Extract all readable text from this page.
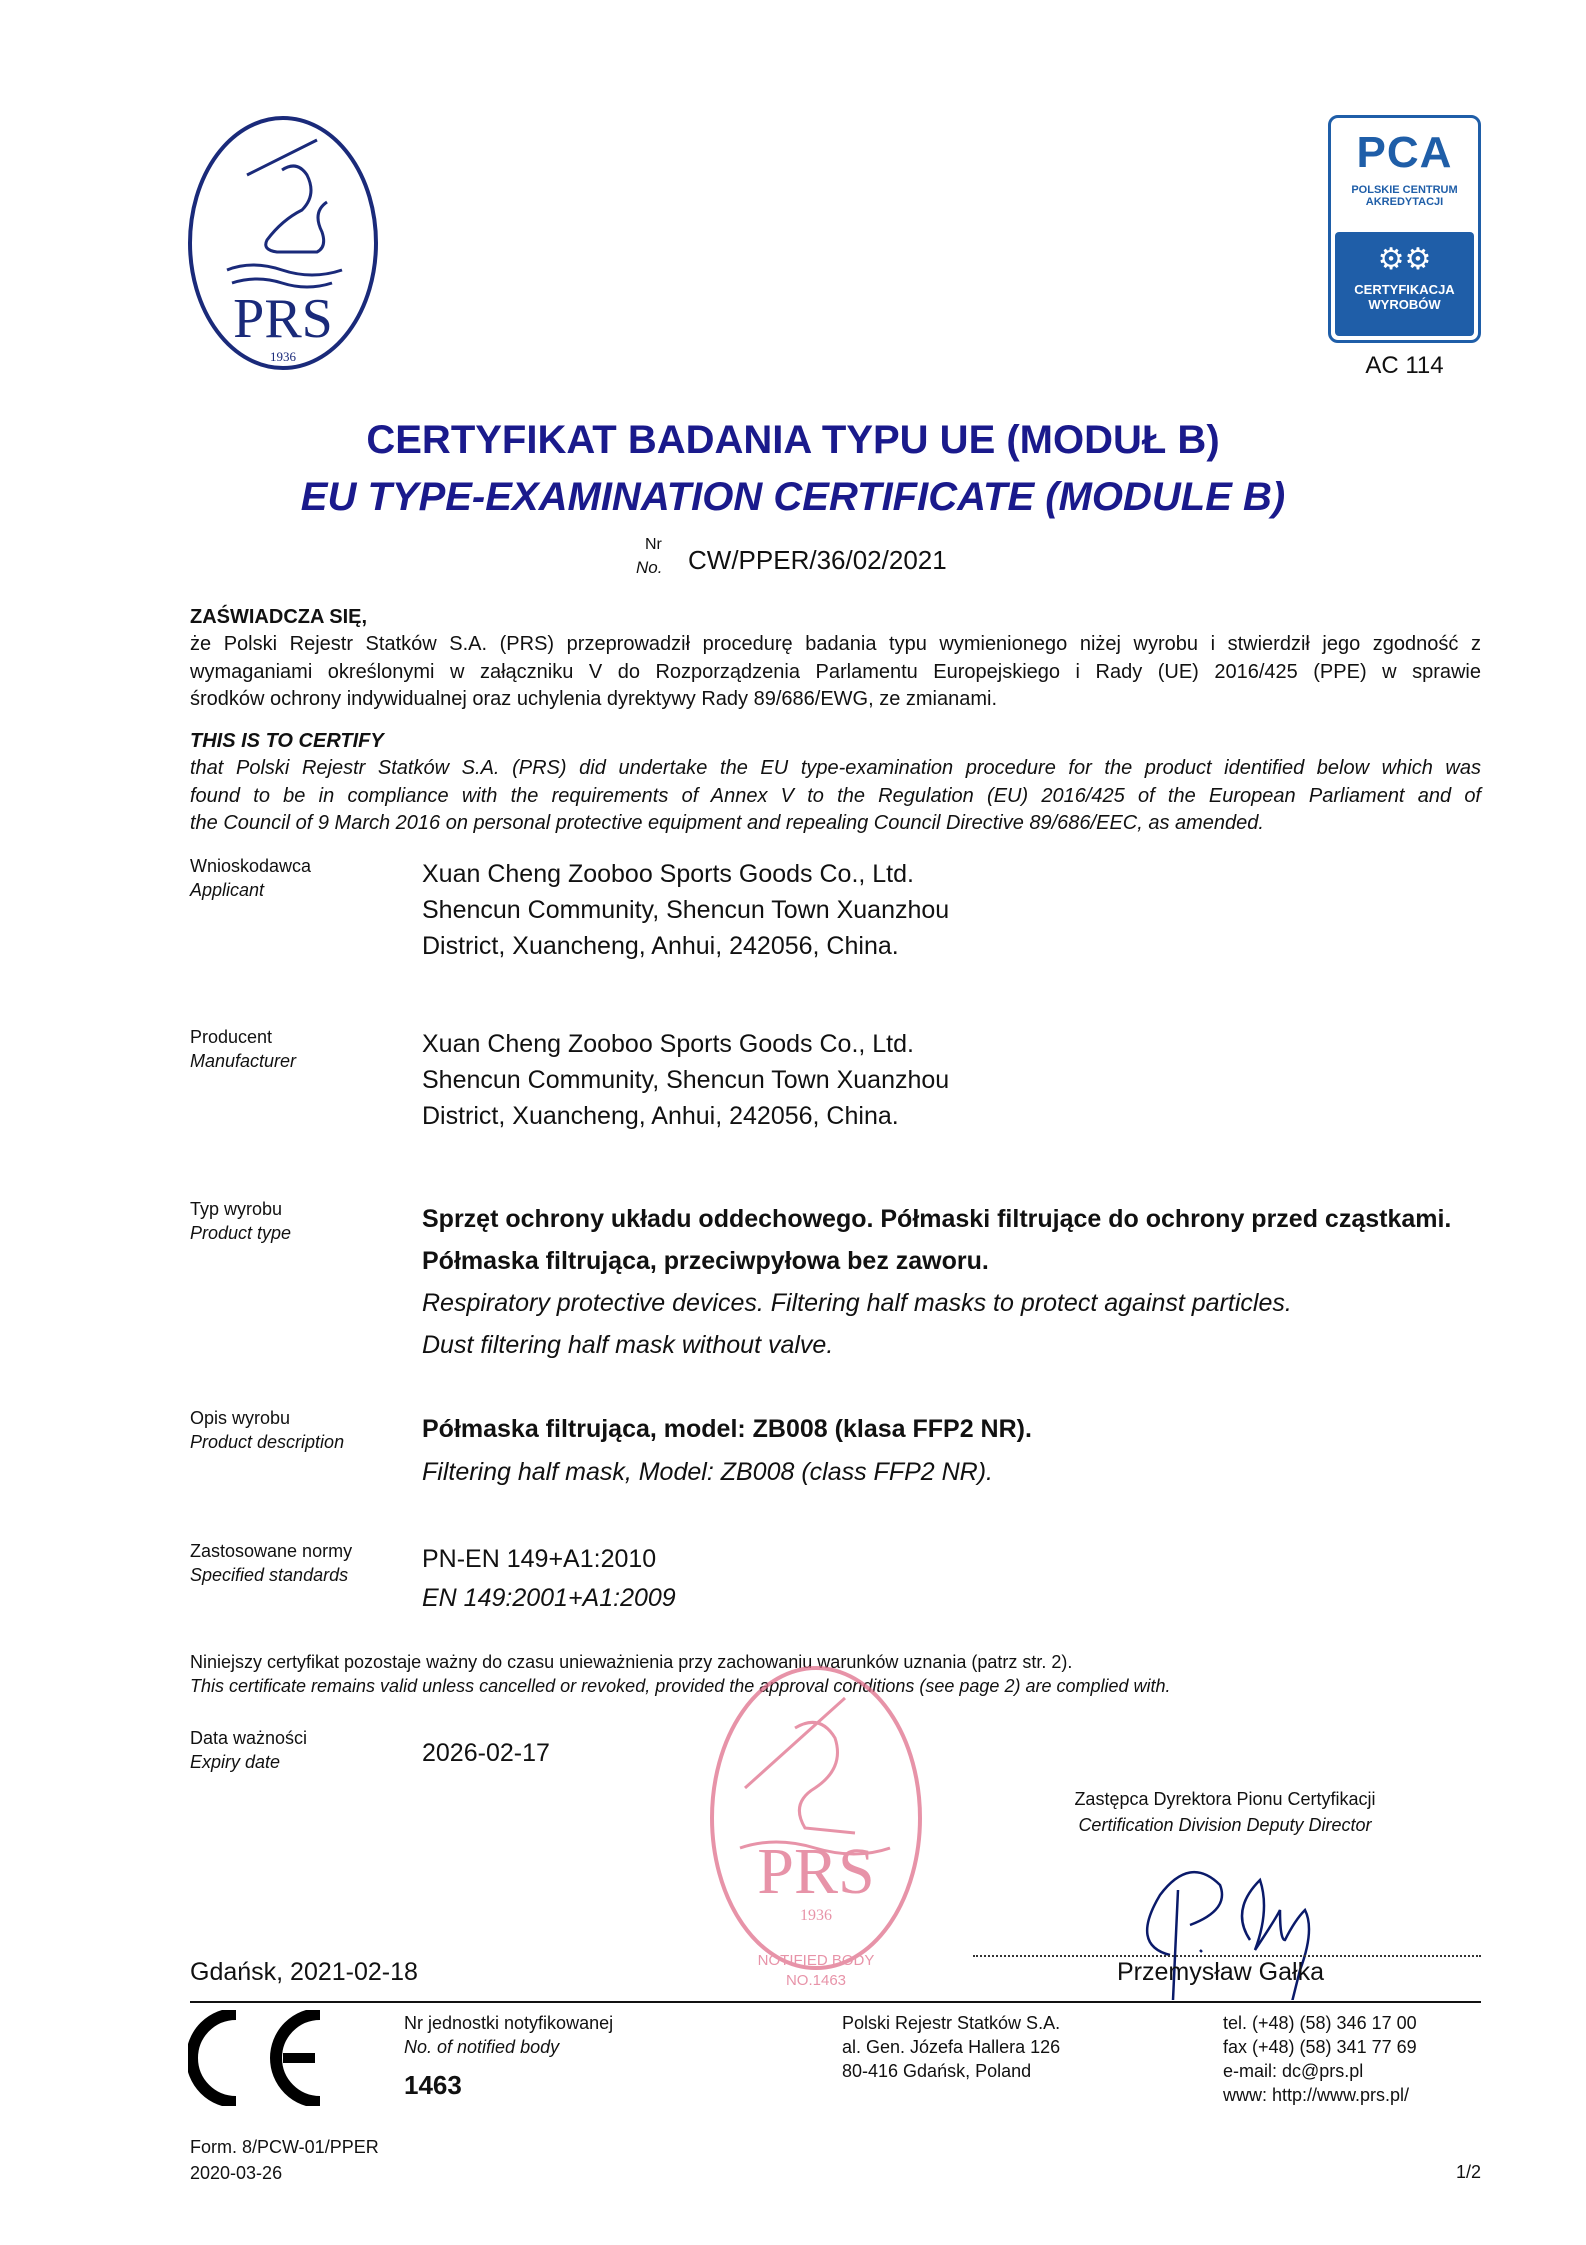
PRS
1936
PCA
POLSKIE CENTRUM
AKREDYTACJI
⚙⚙
CERTYFIKACJA
WYROBÓW
AC 114
CERTYFIKAT BADANIA TYPU UE (MODUŁ B)
EU TYPE-EXAMINATION CERTIFICATE (MODULE B)
Nr
No. CW/PPER/36/02/2021
ZAŚWIADCZA SIĘ,
że Polski Rejestr Statków S.A. (PRS) przeprowadził procedurę badania typu wymienionego niżej wyrobu i stwierdził jego zgodność z
wymaganiami określonymi w załączniku V do Rozporządzenia Parlamentu Europejskiego i Rady (UE) 2016/425 (PPE) w sprawie
środków ochrony indywidualnej oraz uchylenia dyrektywy Rady 89/686/EWG, ze zmianami.
THIS IS TO CERTIFY
that Polski Rejestr Statków S.A. (PRS) did undertake the EU type-examination procedure for the product identified below which was
found to be in compliance with the requirements of Annex V to the Regulation (EU) 2016/425 of the European Parliament and of
the Council of 9 March 2016 on personal protective equipment and repealing Council Directive 89/686/EEC, as amended.
Wnioskodawca
Applicant
Xuan Cheng Zooboo Sports Goods Co., Ltd.
Shencun Community, Shencun Town Xuanzhou
District, Xuancheng, Anhui, 242056, China.
Producent
Manufacturer
Xuan Cheng Zooboo Sports Goods Co., Ltd.
Shencun Community, Shencun Town Xuanzhou
District, Xuancheng, Anhui, 242056, China.
Typ wyrobu
Product type	Sprzęt ochrony układu oddechowego. Półmaski filtrujące do ochrony przed cząstkami.
Półmaska filtrująca, przeciwpyłowa bez zaworu.
Respiratory protective devices. Filtering half masks to protect against particles.
Dust filtering half mask without valve.
Opis wyrobu
Product description	Półmaska filtrująca, model: ZB008 (klasa FFP2 NR).
Filtering half mask, Model: ZB008 (class FFP2 NR).
Zastosowane normy
Specified standards
PN-EN 149+A1:2010
EN 149:2001+A1:2009
Niniejszy certyfikat pozostaje ważny do czasu unieważnienia przy zachowaniu warunków uznania (patrz str. 2).
This certificate remains valid unless cancelled or revoked, provided the approval conditions (see page 2) are complied with.
Data ważności
Expiry date	2026-02-17
PRS
1936
NOTIFIED BODY
NO.1463
Zastępca Dyrektora Pionu Certyfikacji
Certification Division Deputy Director
Przemysław Gałka
Gdańsk, 2021-02-18
Nr jednostki notyfikowanej
No. of notified body
1463
Polski Rejestr Statków S.A.
al. Gen. Józefa Hallera 126
80-416 Gdańsk, Poland
tel. (+48) (58) 346 17 00
fax (+48) (58) 341 77 69
e-mail: dc@prs.pl
www: http://www.prs.pl/
Form. 8/PCW-01/PPER
2020-03-26	1/2
